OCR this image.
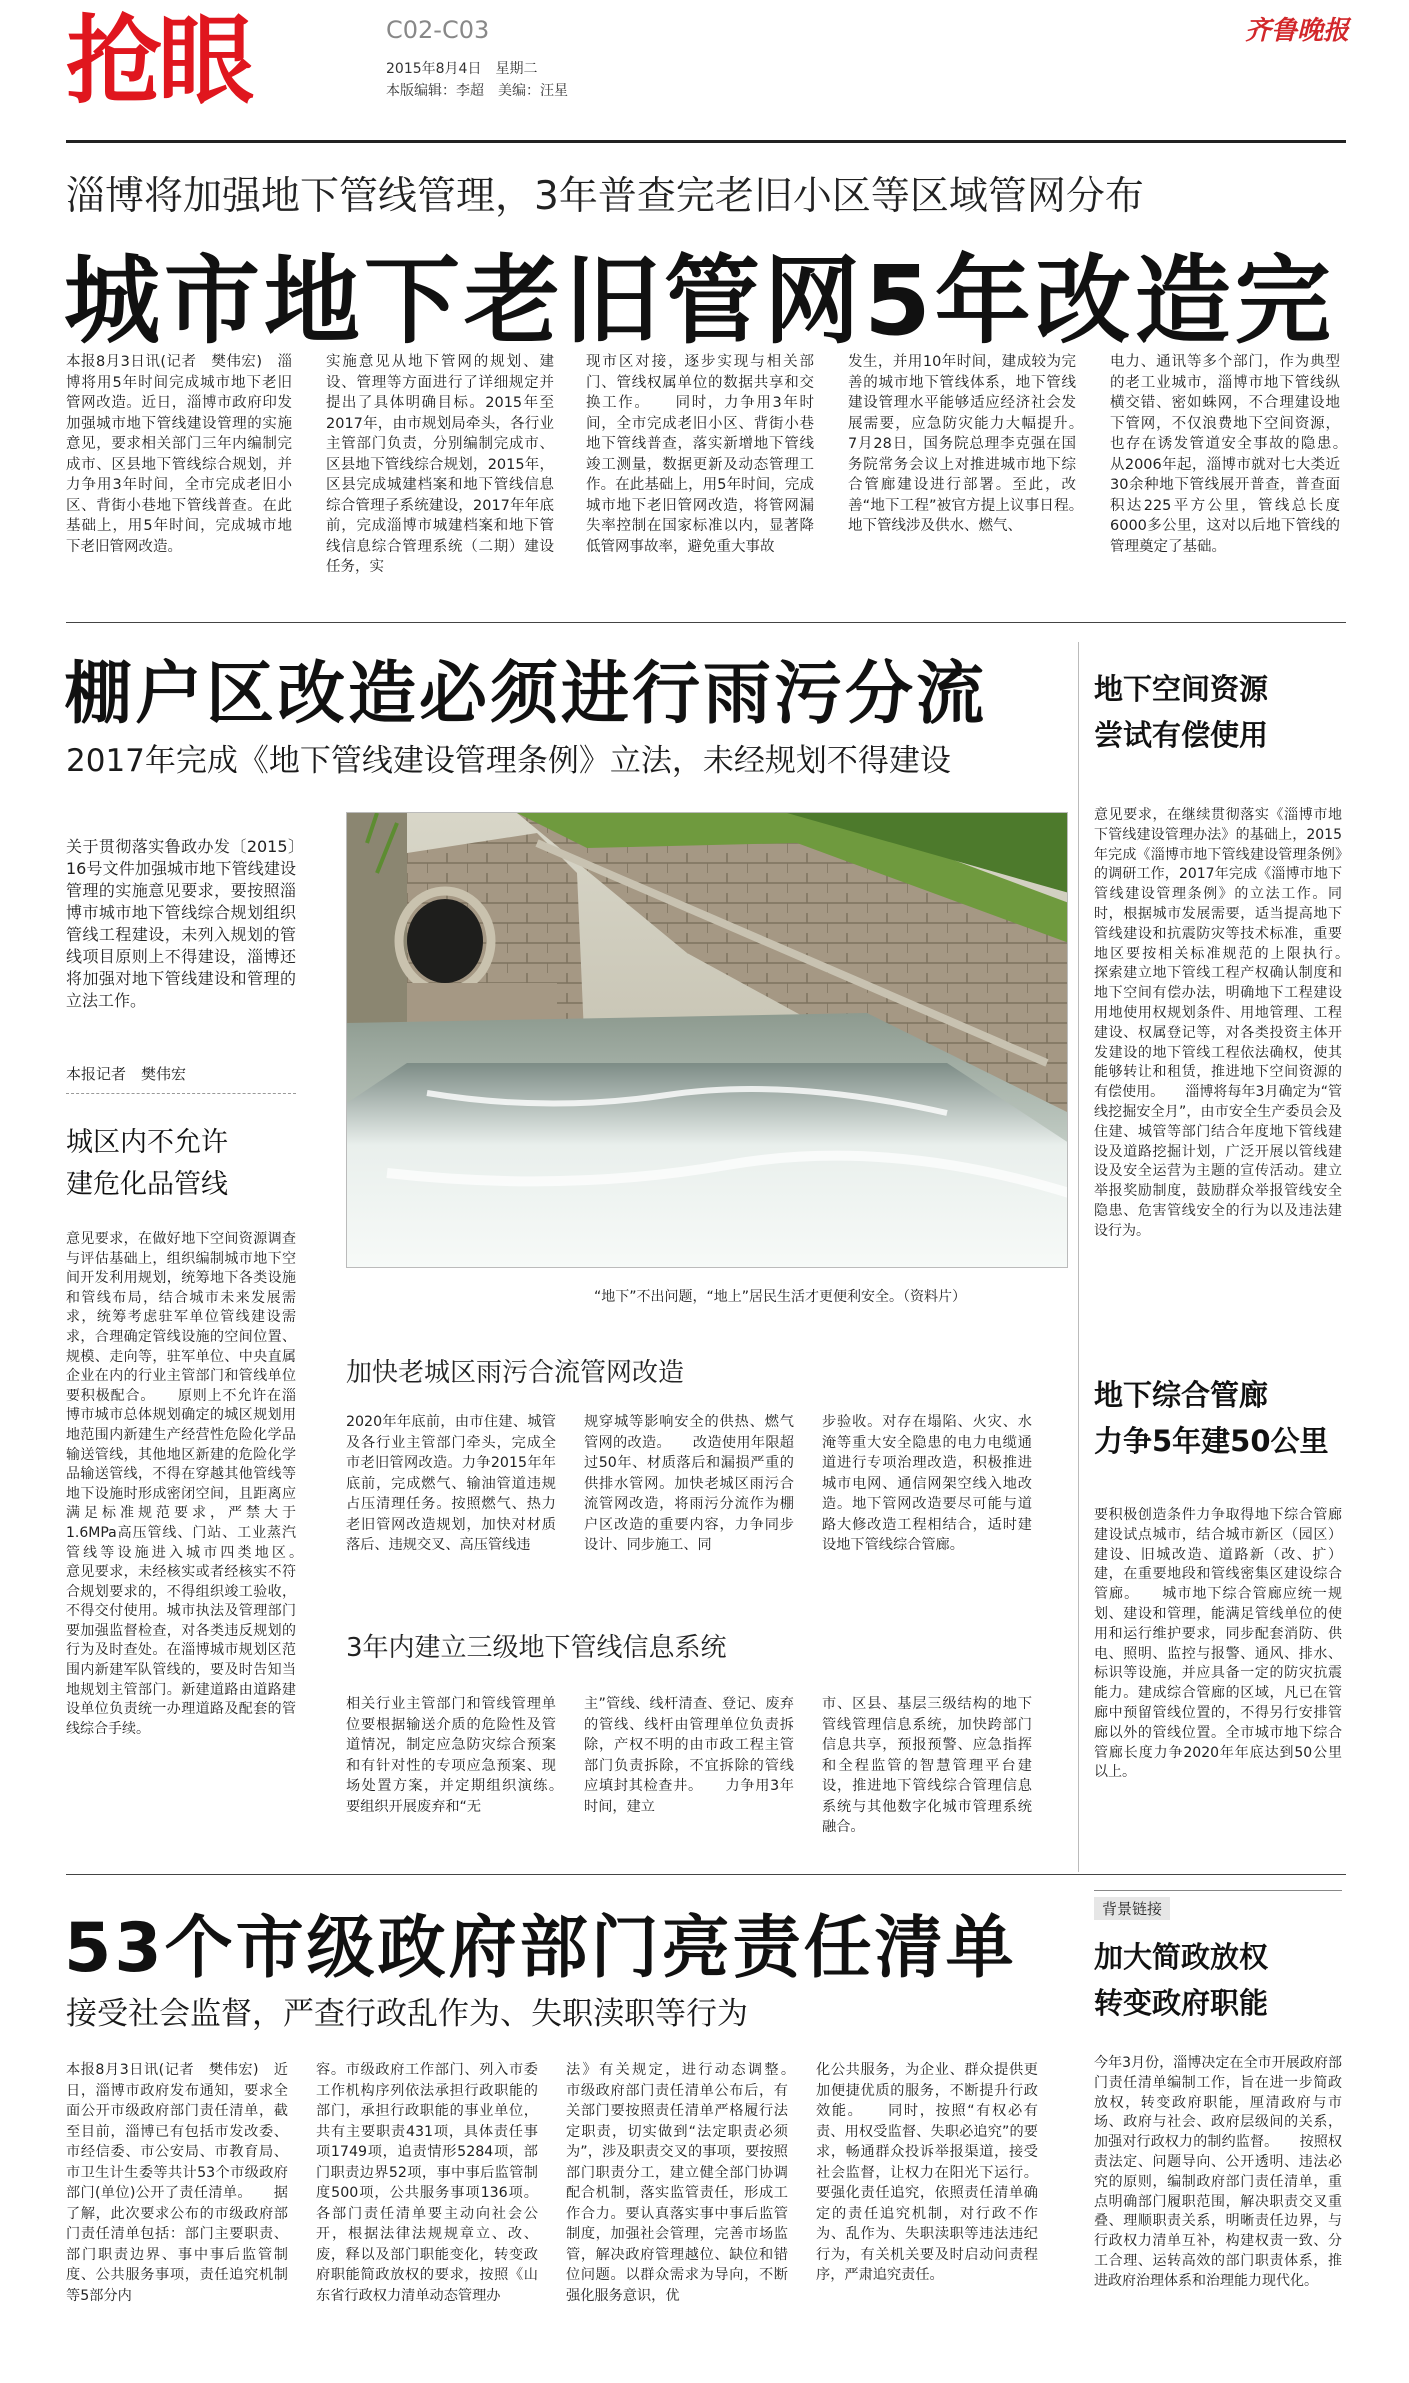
抢眼	C02-C03
2015年8月4日　星期二
本版编辑：李超　美编：汪星
齐鲁晚报
淄博将加强地下管线管理，3年普查完老旧小区等区域管网分布
城市地下老旧管网5年改造完
本报8月3日讯(记者　樊伟宏)　淄博将用5年时间完成城市地下老旧管网改造。近日，淄博市政府印发加强城市地下管线建设管理的实施意见，要求相关部门三年内编制完成市、区县地下管线综合规划，并力争用3年时间，全市完成老旧小区、背街小巷地下管线普查。在此基础上，用5年时间，完成城市地下老旧管网改造。
实施意见从地下管网的规划、建设、管理等方面进行了详细规定并提出了具体明确目标。2015年至2017年，由市规划局牵头，各行业主管部门负责，分别编制完成市、区县地下管线综合规划，2015年，区县完成城建档案和地下管线信息综合管理子系统建设，2017年年底前，完成淄博市城建档案和地下管线信息综合管理系统（二期）建设任务，实
现市区对接，逐步实现与相关部门、管线权属单位的数据共享和交换工作。　　同时，力争用3年时间，全市完成老旧小区、背街小巷地下管线普查，落实新增地下管线竣工测量，数据更新及动态管理工作。在此基础上，用5年时间，完成城市地下老旧管网改造，将管网漏失率控制在国家标准以内，显著降低管网事故率，避免重大事故
发生，并用10年时间，建成较为完善的城市地下管线体系，地下管线建设管理水平能够适应经济社会发展需要，应急防灾能力大幅提升。　　7月28日，国务院总理李克强在国务院常务会议上对推进城市地下综合管廊建设进行部署。至此，改善“地下工程”被官方提上议事日程。　　地下管线涉及供水、燃气、
电力、通讯等多个部门，作为典型的老工业城市，淄博市地下管线纵横交错、密如蛛网，不合理建设地下管网，不仅浪费地下空间资源，也存在诱发管道安全事故的隐患。　　从2006年起，淄博市就对七大类近30余种地下管线展开普查，普查面积达225平方公里，管线总长度6000多公里，这对以后地下管线的管理奠定了基础。
棚户区改造必须进行雨污分流
2017年完成《地下管线建设管理条例》立法，未经规划不得建设
关于贯彻落实鲁政办发〔2015〕16号文件加强城市地下管线建设管理的实施意见要求，要按照淄博市城市地下管线综合规划组织管线工程建设，未列入规划的管线项目原则上不得建设，淄博还将加强对地下管线建设和管理的立法工作。
本报记者　樊伟宏
城区内不允许
建危化品管线
意见要求，在做好地下空间资源调查与评估基础上，组织编制城市地下空间开发利用规划，统筹地下各类设施和管线布局，结合城市未来发展需求，统筹考虑驻军单位管线建设需求，合理确定管线设施的空间位置、规模、走向等，驻军单位、中央直属企业在内的行业主管部门和管线单位要积极配合。　　原则上不允许在淄博市城市总体规划确定的城区规划用地范围内新建生产经营性危险化学品输送管线，其他地区新建的危险化学品输送管线，不得在穿越其他管线等地下设施时形成密闭空间，且距离应满足标准规范要求，严禁大于1.6MPa高压管线、门站、工业蒸汽管线等设施进入城市四类地区。　　意见要求，未经核实或者经核实不符合规划要求的，不得组织竣工验收，不得交付使用。城市执法及管理部门要加强监督检查，对各类违反规划的行为及时查处。在淄博城市规划区范围内新建军队管线的，要及时告知当地规划主管部门。新建道路由道路建设单位负责统一办理道路及配套的管线综合手续。
“地下”不出问题，“地上”居民生活才更便利安全。（资料片）
加快老城区雨污合流管网改造
2020年年底前，由市住建、城管及各行业主管部门牵头，完成全市老旧管网改造。力争2015年年底前，完成燃气、输油管道违规占压清理任务。按照燃气、热力老旧管网改造规划，加快对材质落后、违规交叉、高压管线违
规穿城等影响安全的供热、燃气管网的改造。　　改造使用年限超过50年、材质落后和漏损严重的供排水管网。加快老城区雨污合流管网改造，将雨污分流作为棚户区改造的重要内容，力争同步设计、同步施工、同
步验收。对存在塌陷、火灾、水淹等重大安全隐患的电力电缆通道进行专项治理改造，积极推进城市电网、通信网架空线入地改造。地下管网改造要尽可能与道路大修改造工程相结合，适时建设地下管线综合管廊。
3年内建立三级地下管线信息系统
相关行业主管部门和管线管理单位要根据输送介质的危险性及管道情况，制定应急防灾综合预案和有针对性的专项应急预案、现场处置方案，并定期组织演练。　　要组织开展废弃和“无
主”管线、线杆清查、登记、废弃的管线、线杆由管理单位负责拆除，产权不明的由市政工程主管部门负责拆除，不宜拆除的管线应填封其检查井。　　力争用3年时间，建立
市、区县、基层三级结构的地下管线管理信息系统，加快跨部门信息共享，预报预警、应急指挥和全程监管的智慧管理平台建设，推进地下管线综合管理信息系统与其他数字化城市管理系统融合。
地下空间资源
尝试有偿使用
意见要求，在继续贯彻落实《淄博市地下管线建设管理办法》的基础上，2015年完成《淄博市地下管线建设管理条例》的调研工作，2017年完成《淄博市地下管线建设管理条例》的立法工作。同时，根据城市发展需要，适当提高地下管线建设和抗震防灾等技术标准，重要地区要按相关标准规范的上限执行。　　探索建立地下管线工程产权确认制度和地下空间有偿办法，明确地下工程建设用地使用权规划条件、用地管理、工程建设、权属登记等，对各类投资主体开发建设的地下管线工程依法确权，使其能够转让和租赁，推进地下空间资源的有偿使用。　　淄博将每年3月确定为“管线挖掘安全月”，由市安全生产委员会及住建、城管等部门结合年度地下管线建设及道路挖掘计划，广泛开展以管线建设及安全运营为主题的宣传活动。建立举报奖励制度，鼓励群众举报管线安全隐患、危害管线安全的行为以及违法建设行为。
地下综合管廊
力争5年建50公里
要积极创造条件力争取得地下综合管廊建设试点城市，结合城市新区（园区）建设、旧城改造、道路新（改、扩）建，在重要地段和管线密集区建设综合管廊。　　城市地下综合管廊应统一规划、建设和管理，能满足管线单位的使用和运行维护要求，同步配套消防、供电、照明、监控与报警、通风、排水、标识等设施，并应具备一定的防灾抗震能力。建成综合管廊的区域，凡已在管廊中预留管线位置的，不得另行安排管廊以外的管线位置。全市城市地下综合管廊长度力争2020年年底达到50公里以上。
53个市级政府部门亮责任清单
接受社会监督，严查行政乱作为、失职渎职等行为
本报8月3日讯(记者　樊伟宏)　近日，淄博市政府发布通知，要求全面公开市级政府部门责任清单，截至目前，淄博已有包括市发改委、市经信委、市公安局、市教育局、市卫生计生委等共计53个市级政府部门(单位)公开了责任清单。　　据了解，此次要求公布的市级政府部门责任清单包括：部门主要职责、部门职责边界、事中事后监管制度、公共服务事项，责任追究机制等5部分内
容。市级政府工作部门、列入市委工作机构序列依法承担行政职能的部门，承担行政职能的事业单位，共有主要职责431项，具体责任事项1749项，追责情形5284项，部门职责边界52项，事中事后监管制度500项，公共服务事项136项。各部门责任清单要主动向社会公开，根据法律法规规章立、改、废，释以及部门职能变化，转变政府职能简政放权的要求，按照《山东省行政权力清单动态管理办
法》有关规定，进行动态调整。　　市级政府部门责任清单公布后，有关部门要按照责任清单严格履行法定职责，切实做到“法定职责必须为”，涉及职责交叉的事项，要按照部门职责分工，建立健全部门协调配合机制，落实监管责任，形成工作合力。要认真落实事中事后监管制度，加强社会管理，完善市场监管，解决政府管理越位、缺位和错位问题。以群众需求为导向，不断强化服务意识，优
化公共服务，为企业、群众提供更加便捷优质的服务，不断提升行政效能。　　同时，按照“有权必有责、用权受监督、失职必追究”的要求，畅通群众投诉举报渠道，接受社会监督，让权力在阳光下运行。要强化责任追究，依照责任清单确定的责任追究机制，对行政不作为、乱作为、失职渎职等违法违纪行为，有关机关要及时启动问责程序，严肃追究责任。
背景链接
加大简政放权
转变政府职能
今年3月份，淄博决定在全市开展政府部门责任清单编制工作，旨在进一步简政放权，转变政府职能，厘清政府与市场、政府与社会、政府层级间的关系，加强对行政权力的制约监督。　　按照权责法定、问题导向、公开透明、违法必究的原则，编制政府部门责任清单，重点明确部门履职范围，解决职责交叉重叠、理顺职责关系，明晰责任边界，与行政权力清单互补，构建权责一致、分工合理、运转高效的部门职责体系，推进政府治理体系和治理能力现代化。
